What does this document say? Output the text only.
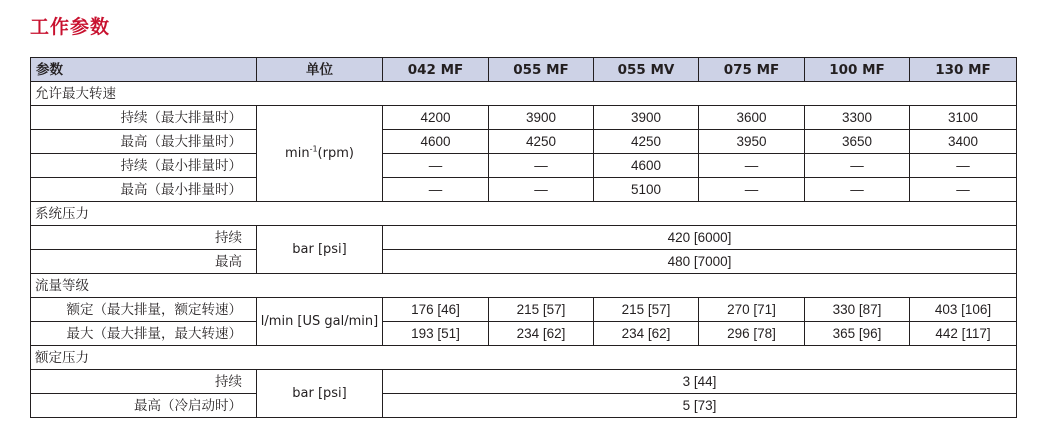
工作参数
参数	单位	042 MF	055 MF	055 MV	075 MF	100 MF	130 MF
允许最大转速							
持续（最大排量时）	$\min^{-1}(rpm)$	4200	3900	3900	3600	3300	3100
最高（最大排量时）		4600	4250	4250	3950	3650	3400
持续（最小排量时）		—	—	4600	—	—	—
最高（最小排量时）		—	—	5100	—	—	—
系统压力							
持续	bar [psi]	420 [6000]					
最高		480 [7000]					
流量等级							
额定（最大排量，额定转速）	l/min [US gal/min]	176 [46]	215 [57]	215 [57]	270 [71]	330 [87]	403 [106]
最大（最大排量，最大转速）		193 [51]	234 [62]	234 [62]	296 [78]	365 [96]	442 [117]
额定压力							
持续	bar [psi]	3 [44]					
最高（冷启动时）		5 [73]					
